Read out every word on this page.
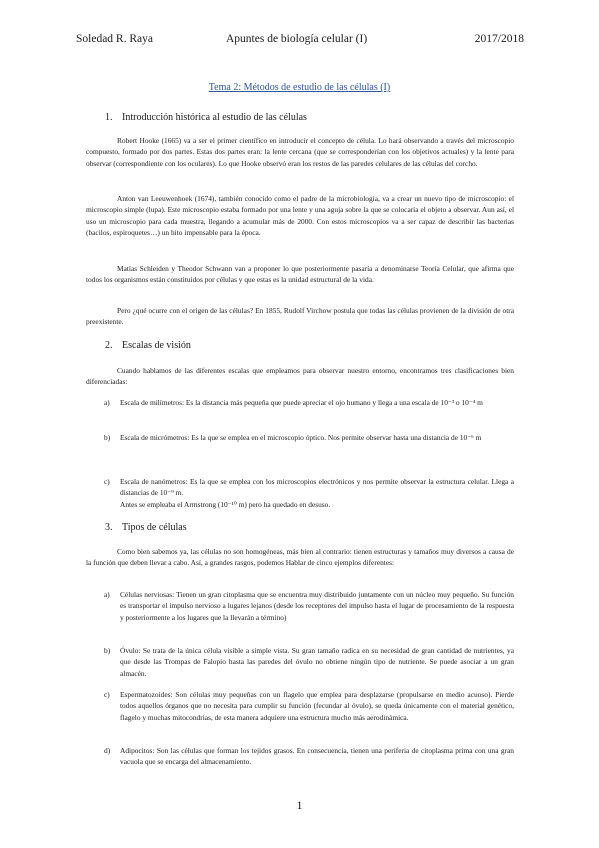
Soledad R. Raya	Apuntes de biología celular (I)	2017/2018
Tema 2: Métodos de estudio de las células (I)
1. Introducción histórica al estudio de las células

Robert Hooke (1665) va a ser el primer científico en introducir el concepto de célula. Lo hará observando a través del microscopio compuesto, formado por dos partes. Estas dos partes eran: la lente cercana (que se corresponderían con los objetivos actuales) y la lente para observar (correspondiente con los oculares). Lo que Hooke observó eran los restos de las paredes celulares de las células del corcho.

Anton van Leeuwenhoek (1674), también conocido como el padre de la microbiología, va a crear un nuevo tipo de microscopio: el microscopio simple (lupa). Este microscopio estaba formado por una lente y una aguja sobre la que se colocaría el objeto a observar. Aun así, el uso un microscopio para cada muestra, llegando a acumular más de 2000. Con estos microscopios va a ser capaz de describir las bacterias (bacilos, espiroquetes…) un hito impensable para la época.

Matías Schleiden y Theodor Schwann van a proponer lo que posteriormente pasaría a denominarse Teoría Celular, que afirma que todos los organismos están constituidos por células y que estas es la unidad estructural de la vida.

Pero ¿qué ocurre con el origen de las células? En 1855, Rudolf Virchow postula que todas las células provienen de la división de otra preexistente.

2. Escalas de visión

Cuando hablamos de las diferentes escalas que empleamos para observar nuestro entorno, encontramos tres clasificaciones bien diferenciadas:

a) Escala de milímetros: Es la distancia más pequeña que puede apreciar el ojo humano y llega a una escala de 10⁻³ o 10⁻⁴ m
b) Escala de micrómetros: Es la que se emplea en el microscopio óptico. Nos permite observar hasta una distancia de 10⁻⁶ m
c) Escala de nanómetros: Es la que se emplea con los microscopios electrónicos y nos permite observar la estructura celular. Llega a distancias de 10⁻⁹ m.
Antes se empleaba el Armstrong (10⁻¹⁰ m) pero ha quedado en desuso.
3. Tipos de células

Como bien sabemos ya, las células no son homogéneas, más bien al contrario: tienen estructuras y tamaños muy diversos a causa de la función que deben llevar a cabo. Así, a grandes rasgos, podemos Hablar de cinco ejemplos diferentes:

a) Células nerviosas: Tienen un gran citoplasma que se encuentra muy distribuido juntamente con un núcleo muy pequeño. Su función es transportar el impulso nervioso a lugares lejanos (desde los receptores del impulso hasta el lugar de procesamiento de la respuesta y posteriormente a los lugares que la llevarán a término)
b) Óvulo: Se trata de la única célula visible a simple vista. Su gran tamaño radica en su necesidad de gran cantidad de nutrientes, ya que desde las Trompas de Falopio hasta las paredes del óvulo no obtiene ningún tipo de nutriente. Se puede asociar a un gran almacén.
c) Espermatozoides: Son células muy pequeñas con un flagelo que emplea para desplazarse (propulsarse en medio acuoso). Pierde todos aquellos órganos que no necesita para cumplir su función (fecundar al óvulo), se queda únicamente con el material genético, flagelo y muchas mitocondrias, de esta manera adquiere una estructura mucho más aerodinámica.
d) Adipocitos: Son las células que forman los tejidos grasos. En consecuencia, tienen una periferia de citoplasma prima con una gran vacuola que se encarga del almacenamiento.
1
